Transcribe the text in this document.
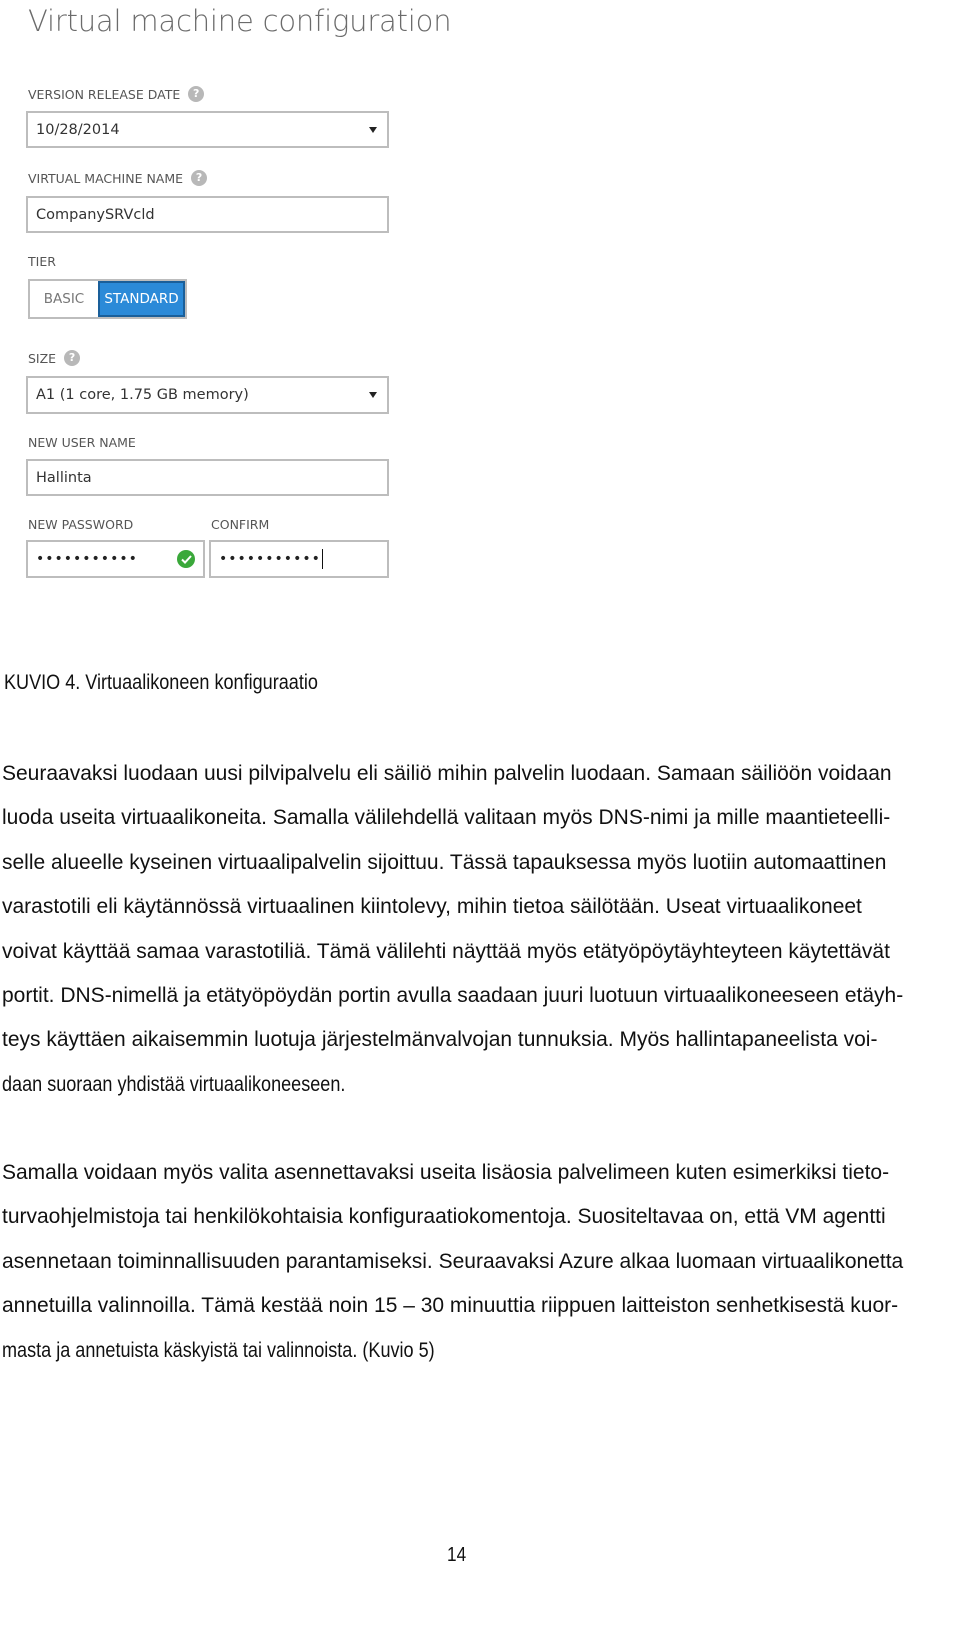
Virtual machine configuration
VERSION RELEASE DATE	?
10/28/2014
VIRTUAL MACHINE NAME	?
CompanySRVcld
TIER
BASIC	STANDARD
SIZE	?
A1 (1 core, 1.75 GB memory)
NEW USER NAME
Hallinta
NEW PASSWORD
•••••••••••
CONFIRM
•••••••••••
KUVIO 4. Virtuaalikoneen konfiguraatio
Seuraavaksi luodaan uusi pilvipalvelu eli säiliö mihin palvelin luodaan. Samaan säiliöön voidaan
luoda useita virtuaalikoneita. Samalla välilehdellä valitaan myös DNS-nimi ja mille maantieteelli-
selle alueelle kyseinen virtuaalipalvelin sijoittuu. Tässä tapauksessa myös luotiin automaattinen
varastotili eli käytännössä virtuaalinen kiintolevy, mihin tietoa säilötään. Useat virtuaalikoneet
voivat käyttää samaa varastotiliä. Tämä välilehti näyttää myös etätyöpöytäyhteyteen käytettävät
portit. DNS-nimellä ja etätyöpöydän portin avulla saadaan juuri luotuun virtuaalikoneeseen etäyh-
teys käyttäen aikaisemmin luotuja järjestelmänvalvojan tunnuksia. Myös hallintapaneelista voi-
daan suoraan yhdistää virtuaalikoneeseen.
Samalla voidaan myös valita asennettavaksi useita lisäosia palvelimeen kuten esimerkiksi tieto-
turvaohjelmistoja tai henkilökohtaisia konfiguraatiokomentoja. Suositeltavaa on, että VM agentti
asennetaan toiminnallisuuden parantamiseksi. Seuraavaksi Azure alkaa luomaan virtuaalikonetta
annetuilla valinnoilla. Tämä kestää noin 15 – 30 minuuttia riippuen laitteiston senhetkisestä kuor-
masta ja annetuista käskyistä tai valinnoista. (Kuvio 5)
14
